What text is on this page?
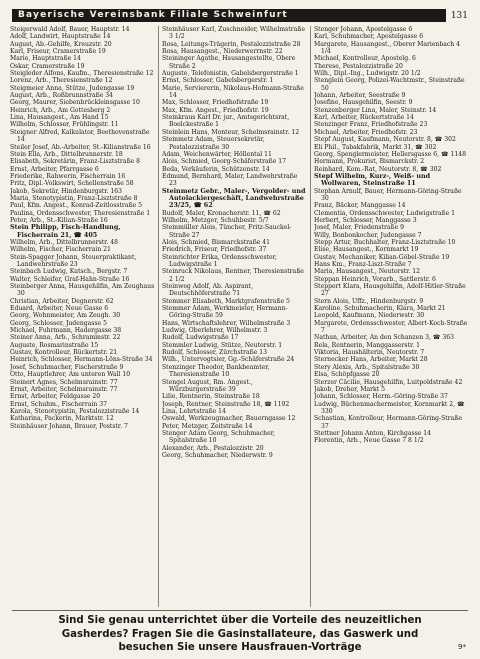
Bayerische Vereinsbank Filiale Schweinfurt	131

Steigerwald Adolf, Bauer, Hauptstr. 14

Adolf, Landwirt, Hauptstraße 14

August, Ab.-Gehilfe, Kreuzstr. 20

Karl, Friseur, Cramerstraße 19

Marie, Hauptstraße 14

Oskar, Cramerstraße 19

Steigleder Alfons, Kaufm., Theresienstraße 12

Lorenz, Arb., Theresienstraße 12

Steigmeier Anna, Stütze, Judengasse 19

August, Arb., Roßbrunnstraße 34

Georg, Maurer, Siebenbrückleinsgasse 10

Heinrich, Arb., Am Gottesberg 2

Lina, Hausangest., Am Hand 15

Wilhelm, Schlosser, Frühlingstr. 11

Steigner Alfred, Kalkulator, Beethovenstraße 14

Steiler Josef, Ab.-Arbeiter, St.-Kilianstraße 16

Stein Ella, Arb., Dittelbrunnerstr. 18

Elisabeth, Sekretärin, Franz-Lisztstraße 8

Ernst, Arbeiter, Pfarrgasse 6

Friederike, Rahwerin, Fischerrain 16

Fritz, Dipl.-Volkswirt, Schellenstraße 58

Jakob, Sekretär, Hindenburgstr. 163

Maria, Stenotypistin, Franz-Lisztstraße 8

Paul, Kfm. Angest., Konrad-Zeitlosstraße 5

Paulina, Ordensschwester, Theresienstraße 1

Peter, Arb., St.-Kilian-Straße 16

Stein Philipp, Fisch-Handlung, Fischerrain 21, ☎ 405

Wilhelm, Arb., Dittelbrunnerstr. 48

Wilhelm, Fischer, Fischerrain 21

Stein-Spagger Johann, Steuerpraktikant, Landwehrstraße 23

Steinbach Ludwig, Kutsch., Bergstr. 7

Walter, Schleifer, Graf-Hahn-Straße 16

Steinberger Anna, Hausgehilfin, Am Zeughaus 30

Christian, Arbeiter, Degnerstr. 62

Eduard, Arbeiter, Neue Gasse 6

Georg, Wohnmeister, Am Zeugh. 30

Georg, Schlosser, Judengasse 5

Michael, Fuhrmann, Hadergasse 38

Steiner Anna, Arb., Schrammstr. 22

Auguste, Rosmarinstraße 15

Gustav, Kontrolleur, Rückertstr. 21

Heinrich, Schlosser, Hermann-Löns-Straße 34

Josef, Schuhmacher, Fischerstraße 9

Otto, Hauptlehrer, Am unteren Wall 10

Steinert Agnes, Schelmsrainstr. 77

Ernst, Arbeiter, Schelmsrainstr. 77

Ernst, Arbeiter, Feldgasse 20

Ernst, Schuhm., Fischerrain 37

Karola, Stenotypistin, Pestalozzistraße 14

Katharina, Packerin, Marktstr. 12

Steinhäuser Johann, Brauer, Poststr. 7

Steinhäuser Karl, Zuschneider, Wilhelmstraße 3 1/2

Rosa, Leitungs-Trägerin, Pestalozzistraße 28

Rosa, Hausangest., Niederwerrnstr. 22

Steininger Agathe, Hausangestellte, Obere Straße 2

Auguste, Telefonistin, Gabelsbergerstraße 1

Ernst, Schlosser, Gabelsbergerstr. 1

Marie, Serviererin, Nikolaus-Hofmann-Straße 14

Max, Schlosser, Friedhofstraße 19

Max, Kfm. Angest., Friedhofstr. 19

Steinkraus Karl Dr. jur., Amtsgerichtsrat, Boelckestraße 1

Steinlein Hans, Monteur, Schelmsrainstr. 12

Steinmetz Adam, Steuersekretär, Pestalozzistraße 30

Adam, Weichenwärter, Höllental 11

Alois, Schmied, Georg-Schäferstraße 17

Beda, Verkäuferin, Schützenstr. 14

Edmund, Bernhard, Maler, Landwehrstraße 23

Steinmetz Gebr., Maler-, Vergolder- und Autolackiergeschäft, Landwehrstraße 23/25, ☎ 62

Rudolf, Maler, Kronacherstr. 11, ☎ 62

Wilhelm, Metzger, Schuhbestr. 5/7

Steinmüller Alois, Tüncher, Fritz-Sauckel-Straße 27

Alois, Schmied, Bismarckstraße 41

Friedrich, Friseur, Friedhofstr. 37

Steinrichter Erika, Ordensschwester, Ludwigstraße 1

Steinruck Nikolaus, Rentner, Theresienstraße 2 1/2

Steinweg Adolf, Ab. Aspirant, Deutschhöferstraße 71

Stemmer Elisabeth, Marktgrafenstraße 5

Stemmer Adam, Werkmeister, Hermann-Göring-Straße 59

Hans, Wirtschaftslehrer, Wilhelmstraße 3

Ludwig, Oberlehrer, Wilhelmstr. 3

Rudolf, Ludwigstraße 17

Stemmler Ludwig, Stütze, Neutorstr. 1

Rudolf, Schlosser, Zürchstraße 13

Wilh., Untervogtsier, Gg.-Schäferstraße 24

Stenzinger Theodor, Bankbeamter, Theresienstraße 10

Stengel August, Rm. Angest., Würzburgerstraße 39

Lilie, Rentnerin, Steinstraße 18

Joseph, Rentner, Steinstraße 18, ☎ 1192

Lina, Lehrtstraße 14

Oswald, Werkzeugmacher, Bauerngasse 12

Peter, Metzger, Zeitstraße 14

Stenger Adam Georg, Schuhmacher, Spitalstraße 10

Alexander, Arb., Pestalozzistr. 20

Georg, Schuhmacher, Niederwstr. 9

Stenger Johann, Apostelgasse 6

Karl, Schuhmacher, Apostelgasse 6

Margarete, Hausangest., Oberer Marienbach 4 1/4

Michael, Kontrolleur, Apostelg. 6

Therese, Pestalozzistraße 20

Wilh., Dipl.-Ing., Ludwigstr. 20 1/2

Stenglein Georg, Polizei-Wachtmstr., Steinstraße 50

Johann, Arbeiter, Seestraße 9

Josefine, Hausgehilfin, Seestr. 9

Stenzenberger Lina, Maler, Steinstr. 14

Karl, Arbeiter, Rückertstraße 14

Stenzinger Franz, Friedhofstraße 23

Michael, Arbeiter, Friedhofstr. 23

Stepf August, Kaufmann, Neutorstr. 8, ☎ 302

Eli Phil., Tabakfabrik, Markt 31, ☎ 302

Georg, Spenglermeister, Hellersgasse 6, ☎ 1148

Hermann, Prokurist, Bismarckstr. 2

Reinhard, Kom.-Rat, Neutorstr. 8, ☎ 302

Stepf Wilhelm, Kurz-, Weiß- und Wollwaren, Steinstraße 11

Stephan Arnulf, Bauer, Hermann-Göring-Straße 30

Franz, Bäcker, Manggasse 14

Clementia, Ordensschwester, Ludwigstraße 1

Herbert, Schlosser, Manggasse 3

Josef, Maler, Friedenstraße 9

Willy, Bonbonkocher, Judengasse 7

Stepp Artur, Buchhalter, Franz-Lisztstraße 10

Elise, Hausangest., Kornmarkt 19

Gustav, Mechaniker, Kilian-Göbel-Straße 19

Hans Km., Franz-Liszt-Straße 7

Maria, Hausangest., Neutorstr. 12

Steppan Heinrich, Vorarb., Sattlerstr. 6

Steppert Klara, Hausgehilfin, Adolf-Hitler-Straße 27

Stern Alois, Uffz., Hindenburgstr. 9

Karoline, Schuhmacherin, Klara, Markt 21

Leopold, Kaufmann, Niederwstr. 30

Margarete, Ordensschwester, Albert-Koch-Straße 7

Nathan, Arbeiter, An den Schanzen 3, ☎ 363

Rela, Rentnerin, Manggasserstr. 1

Viktoria, Haushälterin, Neutorstr. 7

Sternecker Hans, Arbeiter, Markt 28

Stery Alexis, Arb., Spitalstraße 30

Elsa, Schöpfgasse 20

Sterzer Cäcilie, Hausgehilfin, Luitpoldstraße 42

Jakob, Dreher, Markt 5

Johann, Schlosser, Herm.-Göring-Straße 37

Ludwig, Büchenmachermeister, Kornmarkt 2, ☎ 330

Schastian, Kontrolleur, Hermann-Göring-Straße 37

Stettner Johann Anton, Kirchgasse 14

Florentin, Arb., Neue Gasse 7 8 1/2

Sind Sie genau unterrichtet über die Vorteile des neuzeitlichen
Gasherdes? Fragen Sie die Gasinstallateure, das Gaswerk und
besuchen Sie unsere Hausfrauen-Vorträge	9*
